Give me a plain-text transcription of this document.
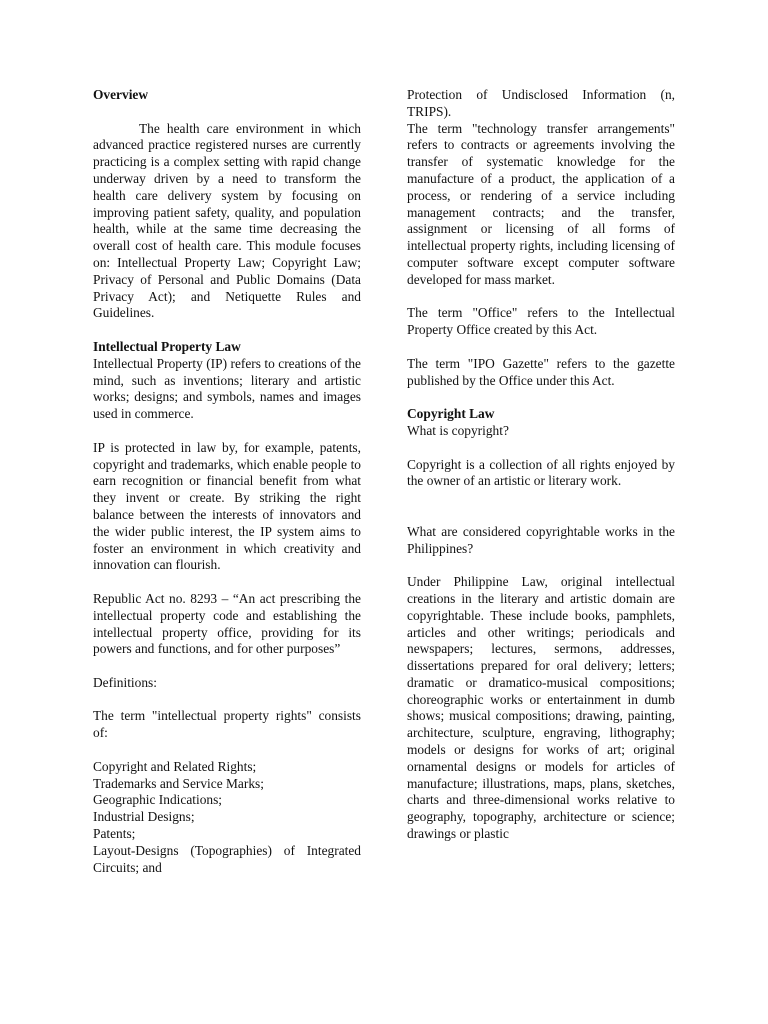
Overview

The health care environment in which advanced practice registered nurses are currently practicing is a complex setting with rapid change underway driven by a need to transform the health care delivery system by focusing on improving patient safety, quality, and population health, while at the same time decreasing the overall cost of health care. This module focuses on: Intellectual Property Law; Copyright Law; Privacy of Personal and Public Domains (Data Privacy Act); and Netiquette Rules and Guidelines.

Intellectual Property Law

Intellectual Property (IP) refers to creations of the mind, such as inventions; literary and artistic works; designs; and symbols, names and images used in commerce.

IP is protected in law by, for example, patents, copyright and trademarks, which enable people to earn recognition or financial benefit from what they invent or create. By striking the right balance between the interests of innovators and the wider public interest, the IP system aims to foster an environment in which creativity and innovation can flourish.

Republic Act no. 8293 – “An act prescribing the intellectual property code and establishing the intellectual property office, providing for its powers and functions, and for other purposes”

Definitions:

The term "intellectual property rights" consists of:

Copyright and Related Rights;

Trademarks and Service Marks;

Geographic Indications;

Industrial Designs;

Patents;

Layout-Designs (Topographies) of Integrated Circuits; and

Protection of Undisclosed Information (n, TRIPS).

The term "technology transfer arrangements" refers to contracts or agreements involving the transfer of systematic knowledge for the manufacture of a product, the application of a process, or rendering of a service including management contracts; and the transfer, assignment or licensing of all forms of intellectual property rights, including licensing of computer software except computer software developed for mass market.

The term "Office" refers to the Intellectual Property Office created by this Act.

The term "IPO Gazette" refers to the gazette published by the Office under this Act.

Copyright Law

What is copyright?

Copyright is a collection of all rights enjoyed by the owner of an artistic or literary work.

What are considered copyrightable works in the Philippines?

Under Philippine Law, original intellectual creations in the literary and artistic domain are copyrightable. These include books, pamphlets, articles and other writings; periodicals and newspapers; lectures, sermons, addresses, dissertations prepared for oral delivery; letters; dramatic or dramatico-musical compositions; choreographic works or entertainment in dumb shows; musical compositions; drawing, painting, architecture, sculpture, engraving, lithography; models or designs for works of art; original ornamental designs or models for articles of manufacture; illustrations, maps, plans, sketches, charts and three-dimensional works relative to geography, topography, architecture or science; drawings or plastic
